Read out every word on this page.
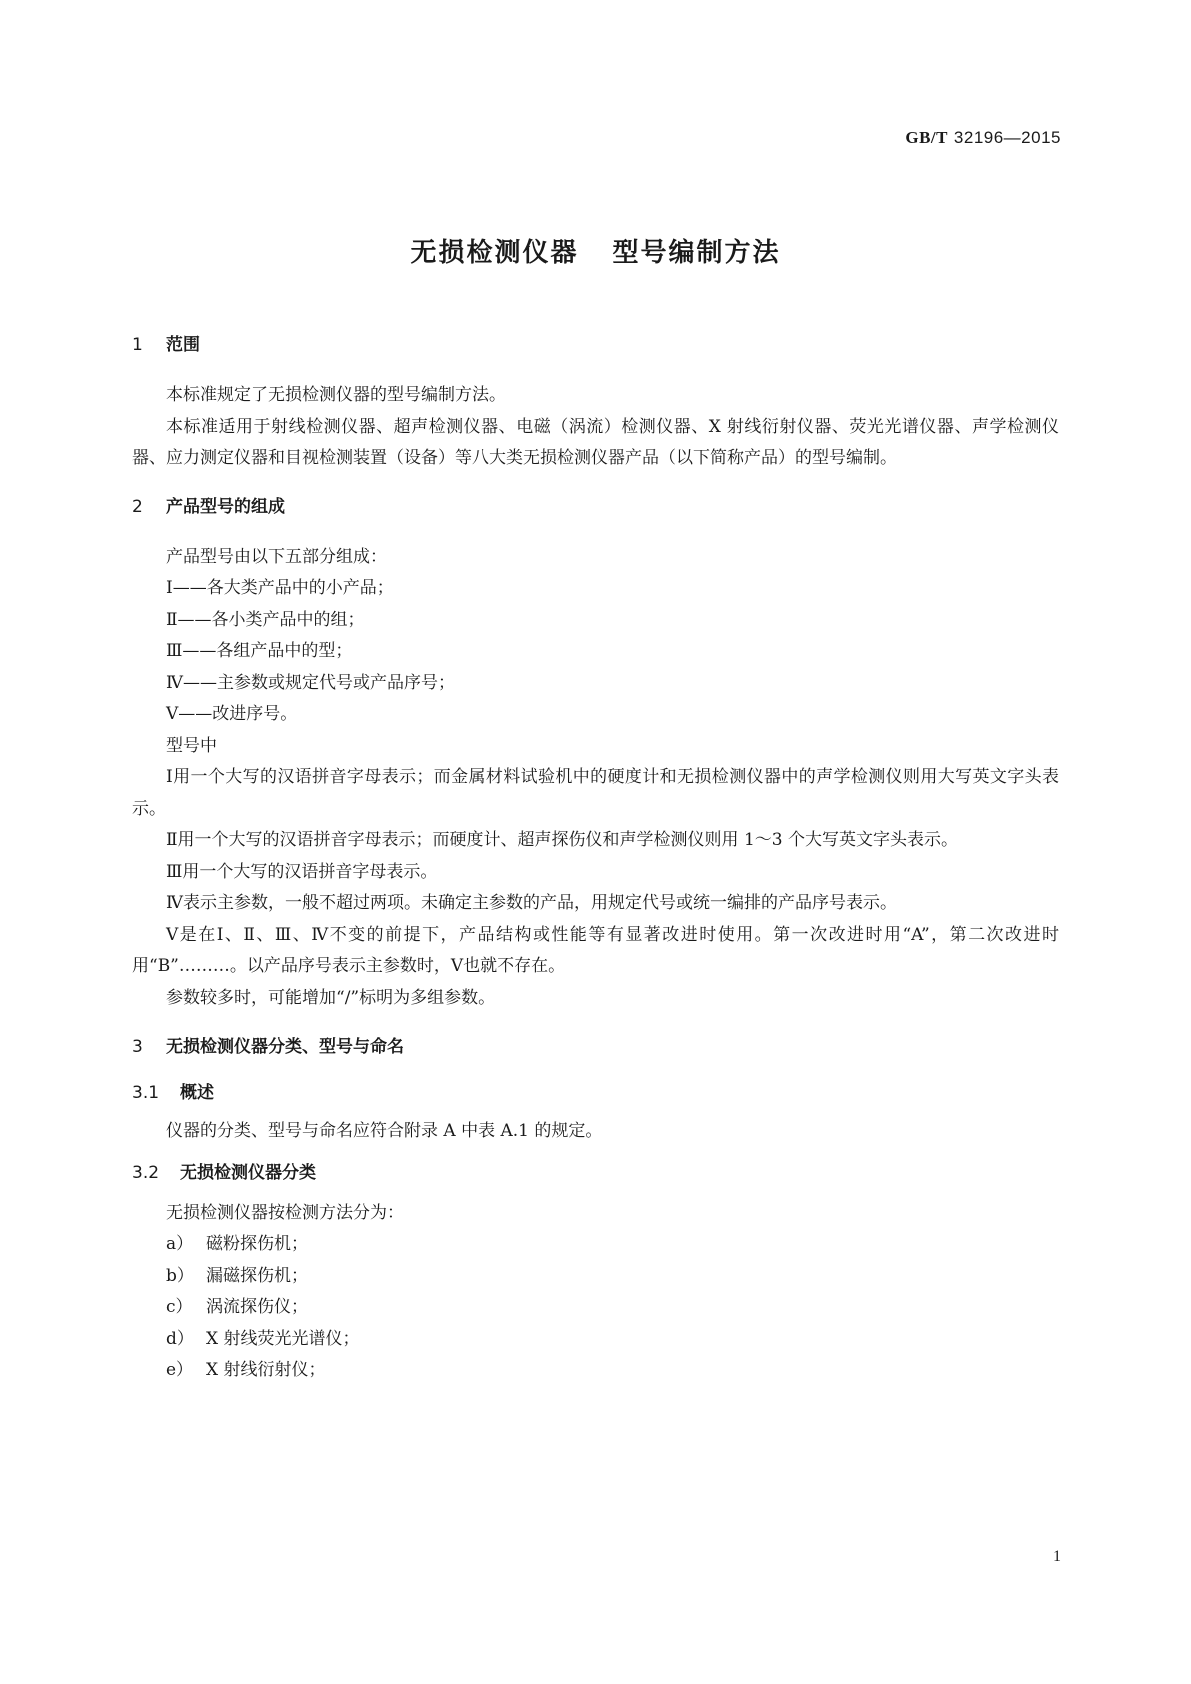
GB/T 32196—2015
无损检测仪器 型号编制方法
1 范围

本标准规定了无损检测仪器的型号编制方法。

本标准适用于射线检测仪器、超声检测仪器、电磁（涡流）检测仪器、X 射线衍射仪器、荧光光谱仪器、声学检测仪器、应力测定仪器和目视检测装置（设备）等八大类无损检测仪器产品（以下简称产品）的型号编制。

2 产品型号的组成

产品型号由以下五部分组成：

Ⅰ——各大类产品中的小产品；

Ⅱ——各小类产品中的组；

Ⅲ——各组产品中的型；

Ⅳ——主参数或规定代号或产品序号；

Ⅴ——改进序号。

型号中

Ⅰ用一个大写的汉语拼音字母表示；而金属材料试验机中的硬度计和无损检测仪器中的声学检测仪则用大写英文字头表示。

Ⅱ用一个大写的汉语拼音字母表示；而硬度计、超声探伤仪和声学检测仪则用 1～3 个大写英文字头表示。

Ⅲ用一个大写的汉语拼音字母表示。

Ⅳ表示主参数，一般不超过两项。未确定主参数的产品，用规定代号或统一编排的产品序号表示。

Ⅴ是在Ⅰ、Ⅱ、Ⅲ、Ⅳ不变的前提下，产品结构或性能等有显著改进时使用。第一次改进时用“A”，第二次改进时用“B”………。以产品序号表示主参数时，Ⅴ也就不存在。

参数较多时，可能增加“/”标明为多组参数。

3 无损检测仪器分类、型号与命名
3.1 概述

仪器的分类、型号与命名应符合附录 A 中表 A.1 的规定。

3.2 无损检测仪器分类

无损检测仪器按检测方法分为：

a） 磁粉探伤机；
b） 漏磁探伤机；
c） 涡流探伤仪；
d） X 射线荧光光谱仪；
e） X 射线衍射仪；
1
